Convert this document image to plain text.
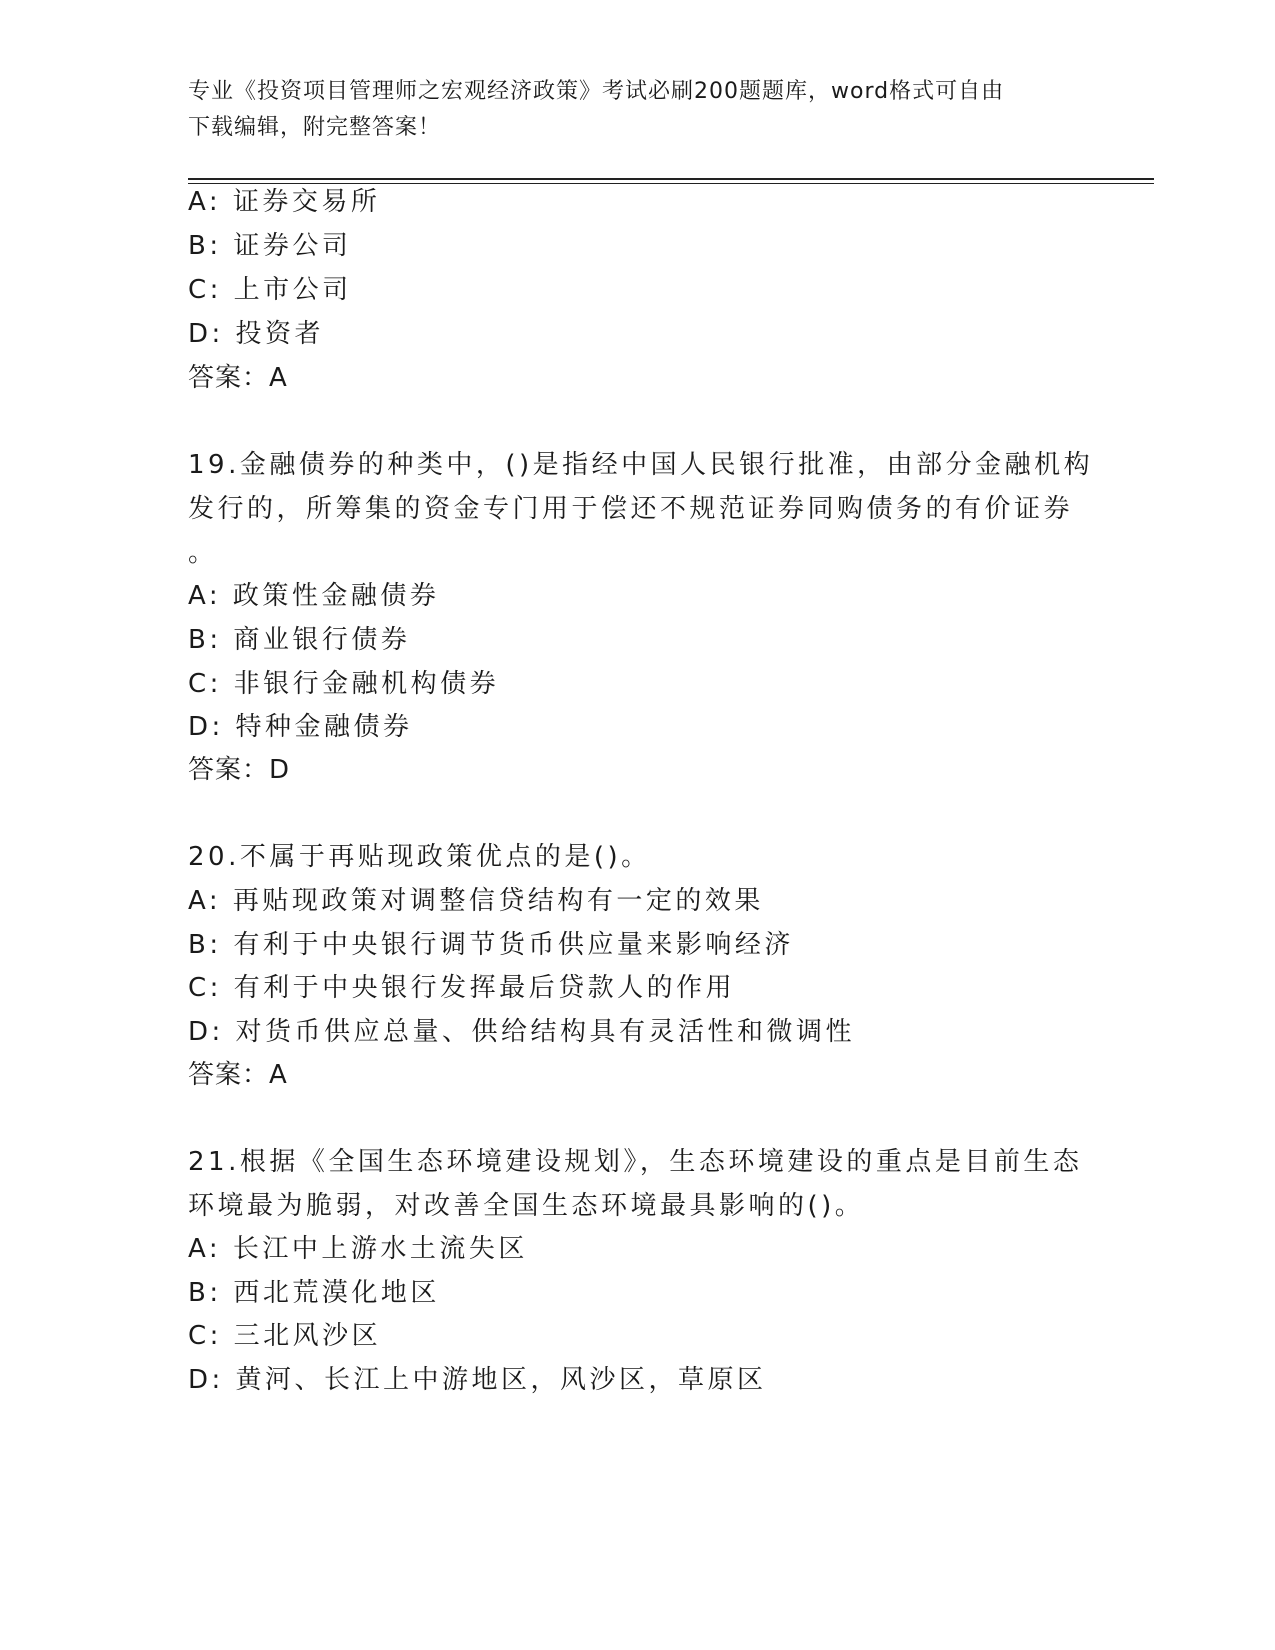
专业《投资项目管理师之宏观经济政策》考试必刷200题题库，word格式可自由
下载编辑，附完整答案！
A: 证券交易所
B: 证券公司
C: 上市公司
D: 投资者
答案：A
19.金融债券的种类中，()是指经中国人民银行批准，由部分金融机构
发行的，所筹集的资金专门用于偿还不规范证券同购债务的有价证券
。
A: 政策性金融债券
B: 商业银行债券
C: 非银行金融机构债券
D: 特种金融债券
答案：D
20.不属于再贴现政策优点的是()。
A: 再贴现政策对调整信贷结构有一定的效果
B: 有利于中央银行调节货币供应量来影响经济
C: 有利于中央银行发挥最后贷款人的作用
D: 对货币供应总量、供给结构具有灵活性和微调性
答案：A
21.根据《全国生态环境建设规划》，生态环境建设的重点是目前生态
环境最为脆弱，对改善全国生态环境最具影响的()。
A: 长江中上游水土流失区
B: 西北荒漠化地区
C: 三北风沙区
D: 黄河、长江上中游地区，风沙区，草原区
